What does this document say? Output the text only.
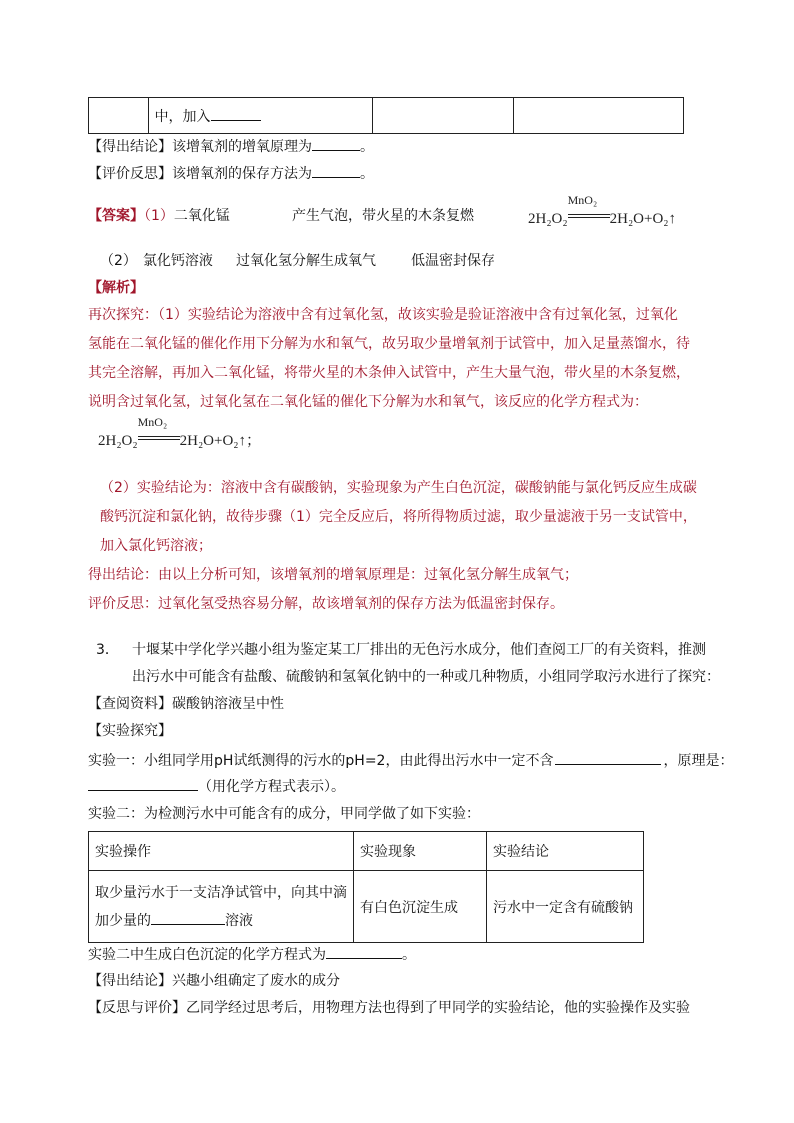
	中，加入		
【得出结论】该增氧剂的增氧原理为	。
【评价反思】该增氧剂的保存方法为	。
【答案】（1）二氧化锰	产生气泡，带火星的木条复燃	2H₂O₂
MnO₂
2H₂O+O₂↑
（2） 氯化钙溶液 过氧化氢分解生成氧气	低温密封保存
【解析】
再次探究：（1）实验结论为溶液中含有过氧化氢，故该实验是验证溶液中含有过氧化氢，过氧化
氢能在二氧化锰的催化作用下分解为水和氧气，故另取少量增氧剂于试管中，加入足量蒸馏水，待
其完全溶解，再加入二氧化锰，将带火星的木条伸入试管中，产生大量气泡，带火星的木条复燃，
说明含过氧化氢，过氧化氢在二氧化锰的催化下分解为水和氧气，该反应的化学方程式为：
2H₂O₂
MnO₂
2H₂O+O₂↑；
（2）实验结论为：溶液中含有碳酸钠，实验现象为产生白色沉淀，碳酸钠能与氯化钙反应生成碳
酸钙沉淀和氯化钠，故待步骤（1）完全反应后，将所得物质过滤，取少量滤液于另一支试管中，
加入氯化钙溶液；
得出结论：由以上分析可知，该增氧剂的增氧原理是：过氧化氢分解生成氧气；
评价反思：过氧化氢受热容易分解，故该增氧剂的保存方法为低温密封保存。
3． 十堰某中学化学兴趣小组为鉴定某工厂排出的无色污水成分，他们查阅工厂的有关资料，推测
出污水中可能含有盐酸、硫酸钠和氢氧化钠中的一种或几种物质，小组同学取污水进行了探究：
【查阅资料】碳酸钠溶液呈中性
【实验探究】
实验一：小组同学用pH试纸测得的污水的pH=2，由此得出污水中一定不含	，原理是：
（用化学方程式表示）。
实验二：为检测污水中可能含有的成分，甲同学做了如下实验：
实验操作	实验现象	实验结论

取少量污水于一支洁净试管中，向其中滴
加少量的 溶液	有白色沉淀生成	污水中一定含有硫酸钠
实验二中生成白色沉淀的化学方程式为	。
【得出结论】兴趣小组确定了废水的成分
【反思与评价】乙同学经过思考后，用物理方法也得到了甲同学的实验结论，他的实验操作及实验
